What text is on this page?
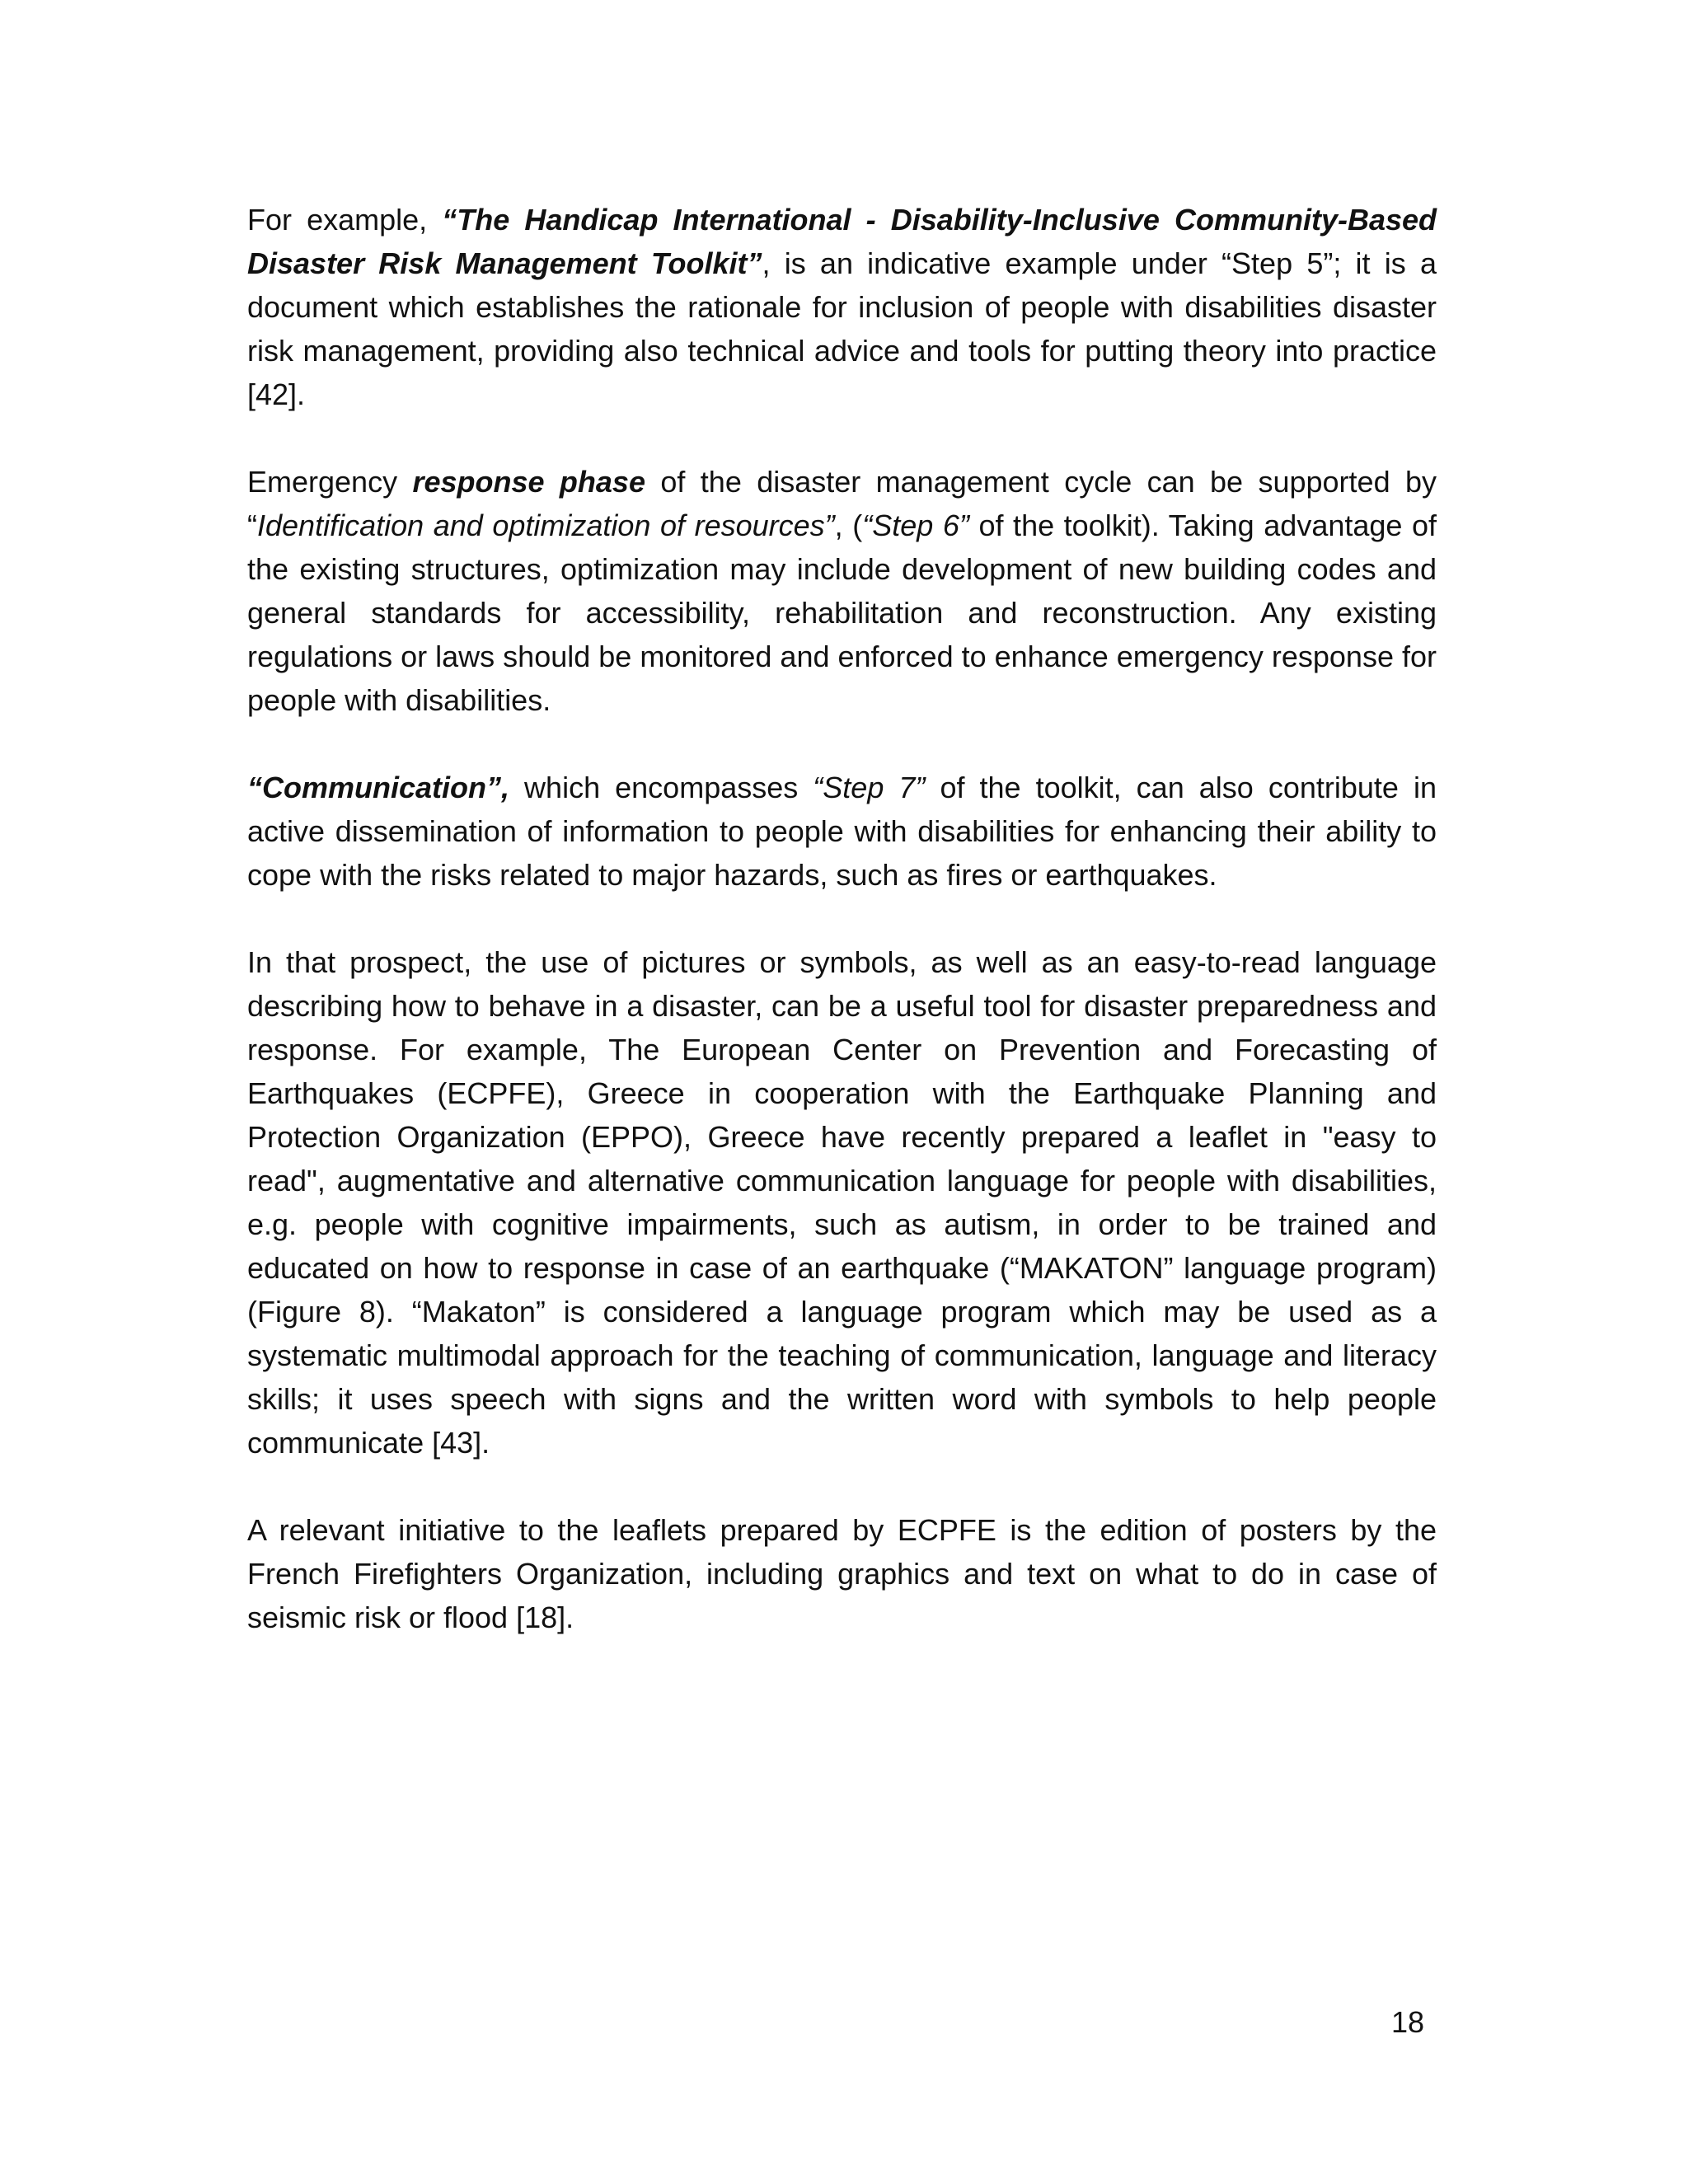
For example, “The Handicap International - Disability-Inclusive Community-Based Disaster Risk Management Toolkit”, is an indicative example under “Step 5”; it is a document which establishes the rationale for inclusion of people with disabilities disaster risk management, providing also technical advice and tools for putting theory into practice [42].

Emergency response phase of the disaster management cycle can be supported by “Identification and optimization of resources”, (“Step 6” of the toolkit). Taking advantage of the existing structures, optimization may include development of new building codes and general standards for accessibility, rehabilitation and reconstruction. Any existing regulations or laws should be monitored and enforced to enhance emergency response for people with disabilities.

“Communication”, which encompasses “Step 7” of the toolkit, can also contribute in active dissemination of information to people with disabilities for enhancing their ability to cope with the risks related to major hazards, such as fires or earthquakes.

In that prospect, the use of pictures or symbols, as well as an easy-to-read language describing how to behave in a disaster, can be a useful tool for disaster preparedness and response. For example, The European Center on Prevention and Forecasting of Earthquakes (ECPFE), Greece in cooperation with the Earthquake Planning and Protection Organization (EPPO), Greece have recently prepared a leaflet in "easy to read", augmentative and alternative communication language for people with disabilities, e.g. people with cognitive impairments, such as autism, in order to be trained and educated on how to response in case of an earthquake (“MAKATON” language program) (Figure 8). “Makaton” is considered a language program which may be used as a systematic multimodal approach for the teaching of communication, language and literacy skills; it uses speech with signs and the written word with symbols to help people communicate [43].

A relevant initiative to the leaflets prepared by ECPFE is the edition of posters by the French Firefighters Organization, including graphics and text on what to do in case of seismic risk or flood [18].

18
